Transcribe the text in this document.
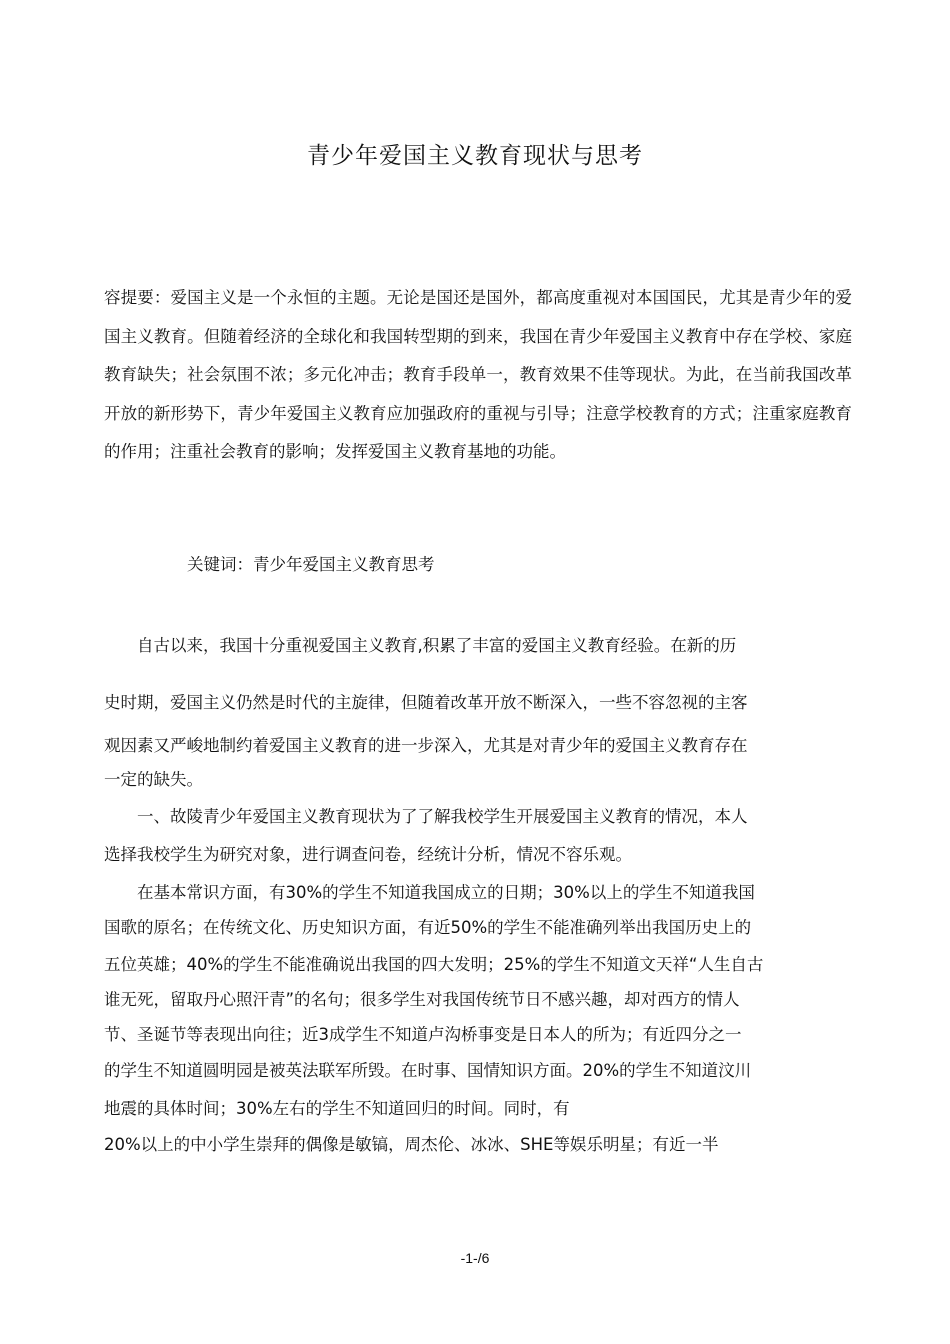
青少年爱国主义教育现状与思考

容提要：爱国主义是一个永恒的主题。无论是国还是国外，都高度重视对本国国民，尤其是青少年的爱国主义教育。但随着经济的全球化和我国转型期的到来，我国在青少年爱国主义教育中存在学校、家庭教育缺失；社会氛围不浓；多元化冲击；教育手段单一，教育效果不佳等现状。为此，在当前我国改革开放的新形势下，青少年爱国主义教育应加强政府的重视与引导；注意学校教育的方式；注重家庭教育的作用；注重社会教育的影响；发挥爱国主义教育基地的功能。

关键词：青少年爱国主义教育思考

　　自古以来，我国十分重视爱国主义教育,积累了丰富的爱国主义教育经验。在新的历

史时期，爱国主义仍然是时代的主旋律，但随着改革开放不断深入，一些不容忽视的主客

观因素又严峻地制约着爱国主义教育的进一步深入，尤其是对青少年的爱国主义教育存在

一定的缺失。

　　一、故陵青少年爱国主义教育现状为了了解我校学生开展爱国主义教育的情况，本人

选择我校学生为研究对象，进行调查问卷，经统计分析，情况不容乐观。

　　在基本常识方面，有30%的学生不知道我国成立的日期；30%以上的学生不知道我国

国歌的原名；在传统文化、历史知识方面，有近50%的学生不能准确列举出我国历史上的

五位英雄；40%的学生不能准确说出我国的四大发明；25%的学生不知道文天祥“人生自古

谁无死，留取丹心照汗青”的名句；很多学生对我国传统节日不感兴趣，却对西方的情人

节、圣诞节等表现出向往；近3成学生不知道卢沟桥事变是日本人的所为；有近四分之一

的学生不知道圆明园是被英法联军所毁。在时事、国情知识方面。20%的学生不知道汶川

地震的具体时间；30%左右的学生不知道回归的时间。同时，有

20%以上的中小学生崇拜的偶像是敏镐，周杰伦、冰冰、SHE等娱乐明星；有近一半

-1-/6
